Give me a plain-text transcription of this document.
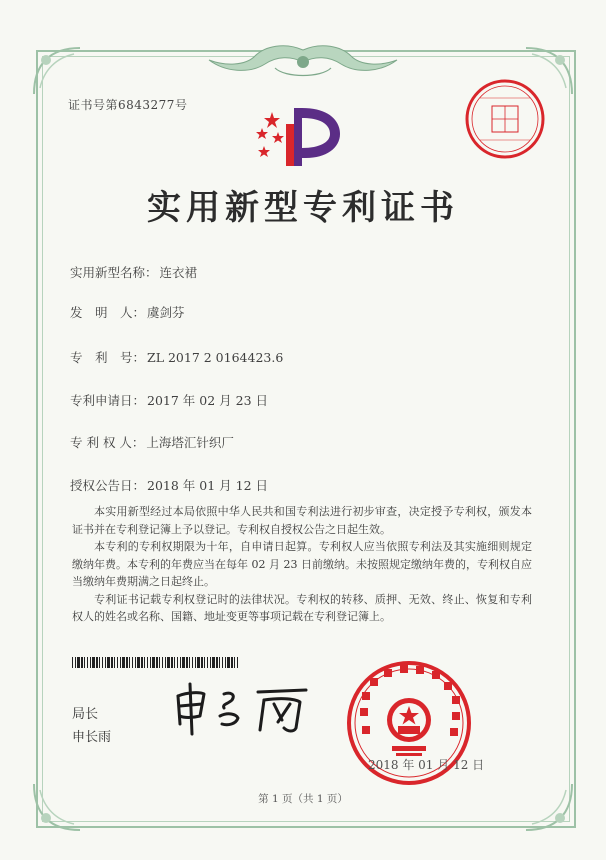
证书号第6843277号
实用新型专利证书
实用新型名称： 连衣裙
发　明　人： 虞剑芬
专　利　号： ZL 2017 2 0164423.6
专利申请日： 2017 年 02 月 23 日
专 利 权 人： 上海塔汇针织厂
授权公告日： 2018 年 01 月 12 日

本实用新型经过本局依照中华人民共和国专利法进行初步审查，决定授予专利权，颁发本证书并在专利登记簿上予以登记。专利权自授权公告之日起生效。

本专利的专利权期限为十年，自申请日起算。专利权人应当依照专利法及其实施细则规定缴纳年费。本专利的年费应当在每年 02 月 23 日前缴纳。未按照规定缴纳年费的，专利权自应当缴纳年费期满之日起终止。

专利证书记载专利权登记时的法律状况。专利权的转移、质押、无效、终止、恢复和专利权人的姓名或名称、国籍、地址变更等事项记载在专利登记簿上。

局长
申长雨
2018 年 01 月 12 日
第 1 页（共 1 页）
